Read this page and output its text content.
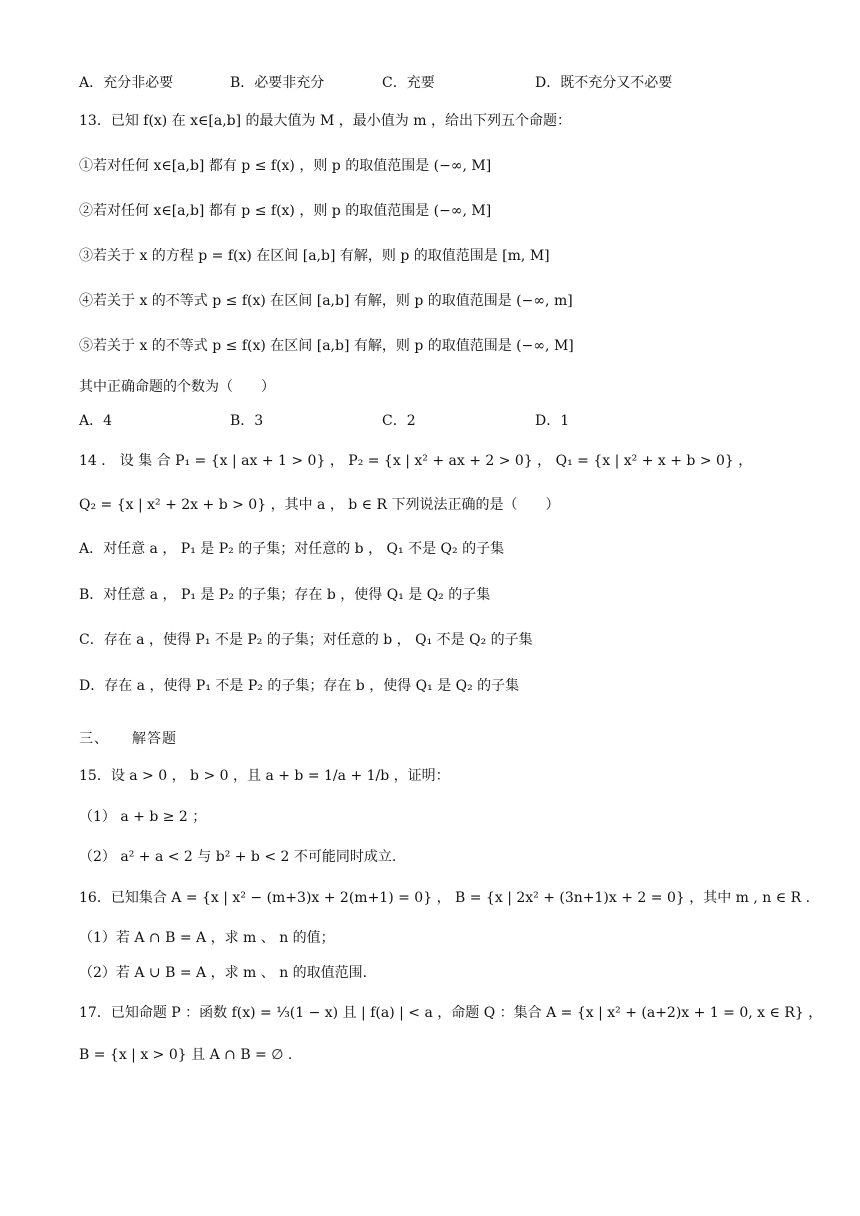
A．充分非必要	B．必要非充分	C．充要	D．既不充分又不必要
13．已知 f(x) 在 x∈[a,b] 的最大值为 M ，最小值为 m ，给出下列五个命题：
①若对任何 x∈[a,b] 都有 p ≤ f(x) ，则 p 的取值范围是 (−∞, M]
②若对任何 x∈[a,b] 都有 p ≤ f(x) ，则 p 的取值范围是 (−∞, M]
③若关于 x 的方程 p = f(x) 在区间 [a,b] 有解，则 p 的取值范围是 [m, M]
④若关于 x 的不等式 p ≤ f(x) 在区间 [a,b] 有解，则 p 的取值范围是 (−∞, m]
⑤若关于 x 的不等式 p ≤ f(x) 在区间 [a,b] 有解，则 p 的取值范围是 (−∞, M]
其中正确命题的个数为（　　）
A．4	B．3	C．2	D．1
14 ． 设 集 合 P₁ = {x | ax + 1 > 0} ， P₂ = {x | x² + ax + 2 > 0} ， Q₁ = {x | x² + x + b > 0} ，
Q₂ = {x | x² + 2x + b > 0} ，其中 a ， b ∈ R 下列说法正确的是（　　）
A．对任意 a ， P₁ 是 P₂ 的子集；对任意的 b ， Q₁ 不是 Q₂ 的子集
B．对任意 a ， P₁ 是 P₂ 的子集；存在 b ，使得 Q₁ 是 Q₂ 的子集
C．存在 a ，使得 P₁ 不是 P₂ 的子集；对任意的 b ， Q₁ 不是 Q₂ 的子集
D．存在 a ，使得 P₁ 不是 P₂ 的子集；存在 b ，使得 Q₁ 是 Q₂ 的子集
三、　　解答题
15．设 a > 0 ， b > 0 ，且 a + b = 1/a + 1/b ，证明：
（1） a + b ≥ 2 ；
（2） a² + a < 2 与 b² + b < 2 不可能同时成立.
16．已知集合 A = {x | x² − (m+3)x + 2(m+1) = 0} ， B = {x | 2x² + (3n+1)x + 2 = 0} ，其中 m , n ∈ R .
（1）若 A ∩ B = A ，求 m 、 n 的值；
（2）若 A ∪ B = A ，求 m 、 n 的取值范围.
17．已知命题 P ：函数 f(x) = ⅓(1 − x) 且 | f(a) | < a ，命题 Q ：集合 A = {x | x² + (a+2)x + 1 = 0, x ∈ R} ，
B = {x | x > 0} 且 A ∩ B = ∅ .
